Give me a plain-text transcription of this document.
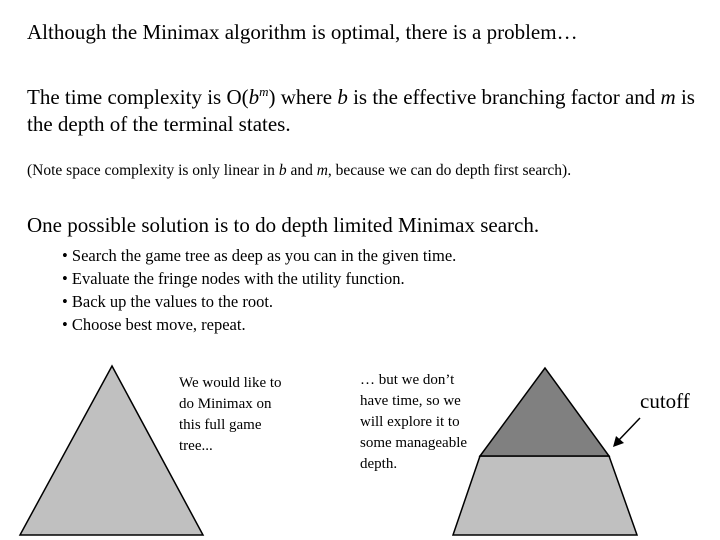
Although the Minimax algorithm is optimal, there is a problem…
The time complexity is $O(b^m)$ where b is the effective branching factor and m is the depth of the terminal states.
(Note space complexity is only linear in b and m, because we can do depth first search).
One possible solution is to do depth limited Minimax search.
• Search the game tree as deep as you can in the given time.
• Evaluate the fringe nodes with the utility function.
• Back up the values to the root.
• Choose best move, repeat.
We would like to
do Minimax on
this full game
tree...
… but we don’t
have time, so we
will explore it to
some manageable
depth.
cutoff
